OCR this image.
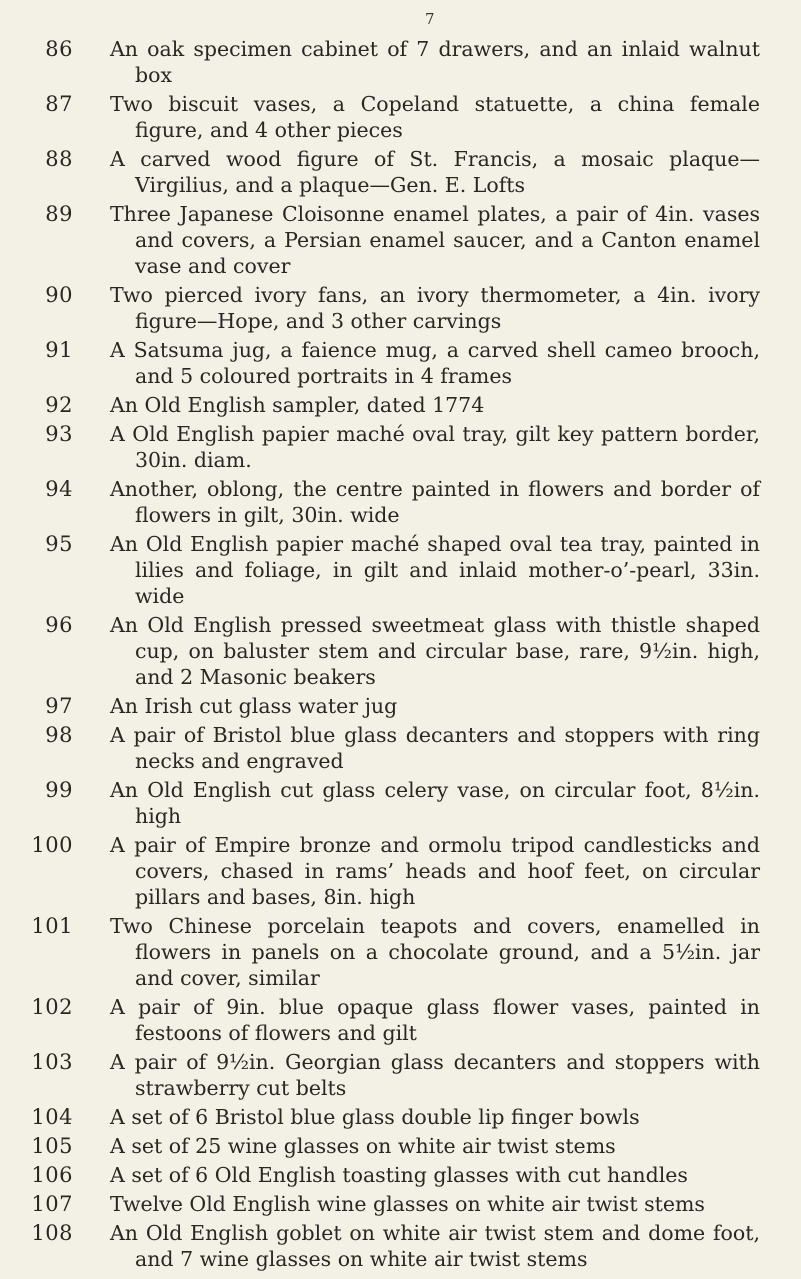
7
86	An oak specimen cabinet of 7 drawers, and an inlaid walnut box
87	Two biscuit vases, a Copeland statuette, a china female figure, and 4 other pieces
88	A carved wood figure of St. Francis, a mosaic plaque—Virgilius, and a plaque—Gen. E. Lofts
89	Three Japanese Cloisonne enamel plates, a pair of 4in. vases and covers, a Persian enamel saucer, and a Canton enamel vase and cover
90	Two pierced ivory fans, an ivory thermometer, a 4in. ivory figure—Hope, and 3 other carvings
91	A Satsuma jug, a faience mug, a carved shell cameo brooch, and 5 coloured portraits in 4 frames
92	An Old English sampler, dated 1774
93	A Old English papier maché oval tray, gilt key pattern border, 30in. diam.
94	Another, oblong, the centre painted in flowers and border of flowers in gilt, 30in. wide
95	An Old English papier maché shaped oval tea tray, painted in lilies and foliage, in gilt and inlaid mother-o’-pearl, 33in. wide
96	An Old English pressed sweetmeat glass with thistle shaped cup, on baluster stem and circular base, rare, 9½in. high, and 2 Masonic beakers
97	An Irish cut glass water jug
98	A pair of Bristol blue glass decanters and stoppers with ring necks and engraved
99	An Old English cut glass celery vase, on circular foot, 8½in. high
100	A pair of Empire bronze and ormolu tripod candlesticks and covers, chased in rams’ heads and hoof feet, on circular pillars and bases, 8in. high
101	Two Chinese porcelain teapots and covers, enamelled in flowers in panels on a chocolate ground, and a 5½in. jar and cover, similar
102	A pair of 9in. blue opaque glass flower vases, painted in festoons of flowers and gilt
103	A pair of 9½in. Georgian glass decanters and stoppers with strawberry cut belts
104	A set of 6 Bristol blue glass double lip finger bowls
105	A set of 25 wine glasses on white air twist stems
106	A set of 6 Old English toasting glasses with cut handles
107	Twelve Old English wine glasses on white air twist stems
108	An Old English goblet on white air twist stem and dome foot, and 7 wine glasses on white air twist stems
